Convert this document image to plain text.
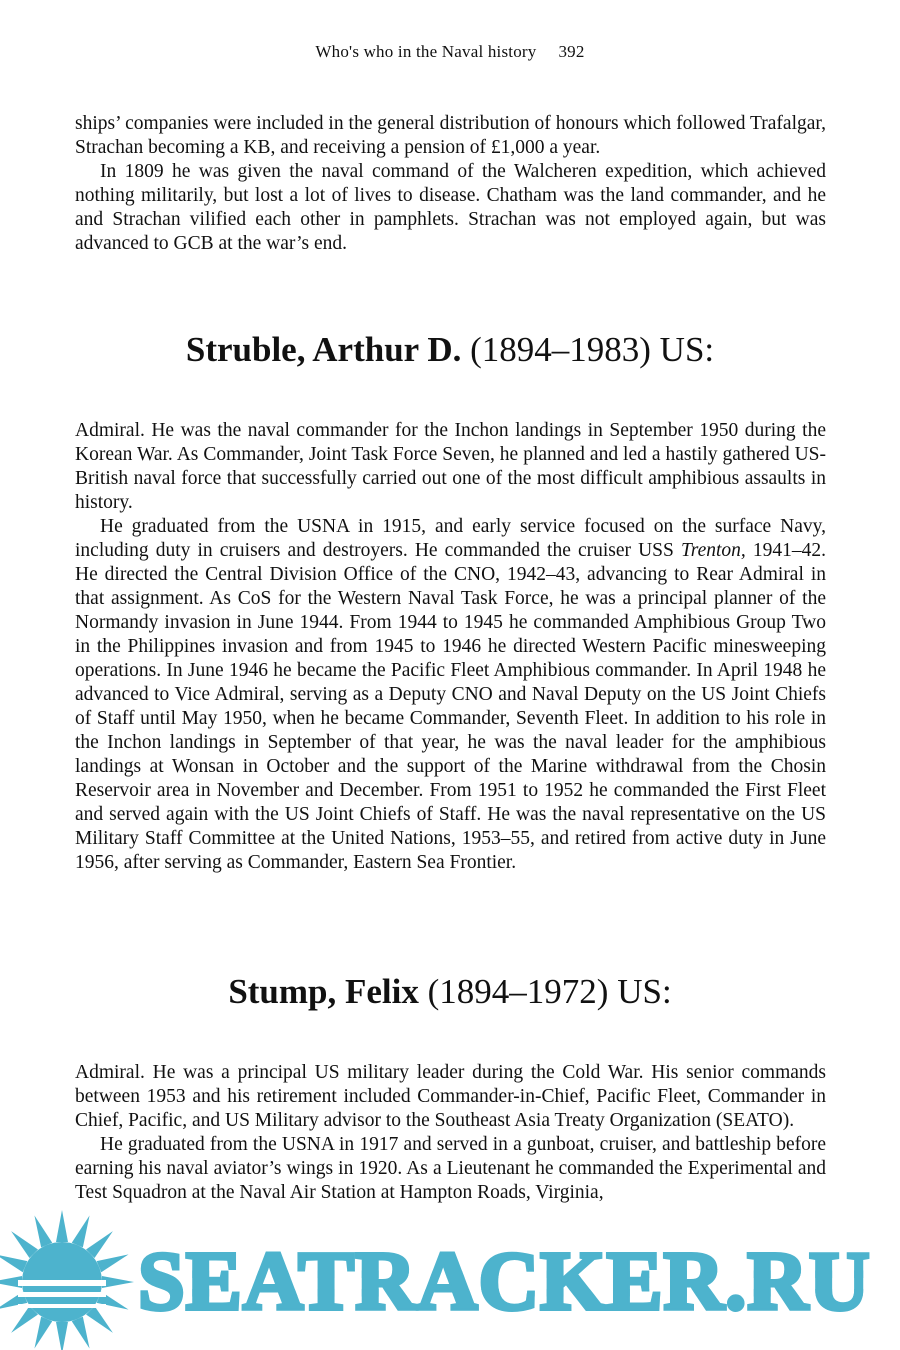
Who's who in the Naval history 392

ships’ companies were included in the general distribution of honours which followed Trafalgar, Strachan becoming a KB, and receiving a pension of £1,000 a year.

In 1809 he was given the naval command of the Walcheren expedition, which achieved nothing militarily, but lost a lot of lives to disease. Chatham was the land commander, and he and Strachan vilified each other in pamphlets. Strachan was not employed again, but was advanced to GCB at the war’s end.

Struble, Arthur D. (1894–1983) US:

Admiral. He was the naval commander for the Inchon landings in September 1950 during the Korean War. As Commander, Joint Task Force Seven, he planned and led a hastily gathered US-British naval force that successfully carried out one of the most difficult amphibious assaults in history.

He graduated from the USNA in 1915, and early service focused on the surface Navy, including duty in cruisers and destroyers. He commanded the cruiser USS Trenton, 1941–42. He directed the Central Division Office of the CNO, 1942–43, advancing to Rear Admiral in that assignment. As CoS for the Western Naval Task Force, he was a principal planner of the Normandy invasion in June 1944. From 1944 to 1945 he commanded Amphibious Group Two in the Philippines invasion and from 1945 to 1946 he directed Western Pacific minesweeping operations. In June 1946 he became the Pacific Fleet Amphibious commander. In April 1948 he advanced to Vice Admiral, serving as a Deputy CNO and Naval Deputy on the US Joint Chiefs of Staff until May 1950, when he became Commander, Seventh Fleet. In addition to his role in the Inchon landings in September of that year, he was the naval leader for the amphibious landings at Wonsan in October and the support of the Marine withdrawal from the Chosin Reservoir area in November and December. From 1951 to 1952 he commanded the First Fleet and served again with the US Joint Chiefs of Staff. He was the naval representative on the US Military Staff Committee at the United Nations, 1953–55, and retired from active duty in June 1956, after serving as Commander, Eastern Sea Frontier.

Stump, Felix (1894–1972) US:

Admiral. He was a principal US military leader during the Cold War. His senior commands between 1953 and his retirement included Commander-in-Chief, Pacific Fleet, Commander in Chief, Pacific, and US Military advisor to the Southeast Asia Treaty Organization (SEATO).

He graduated from the USNA in 1917 and served in a gunboat, cruiser, and battleship before earning his naval aviator’s wings in 1920. As a Lieutenant he commanded the Experimental and Test Squadron at the Naval Air Station at Hampton Roads, Virginia,

SEATRACKER.RU
